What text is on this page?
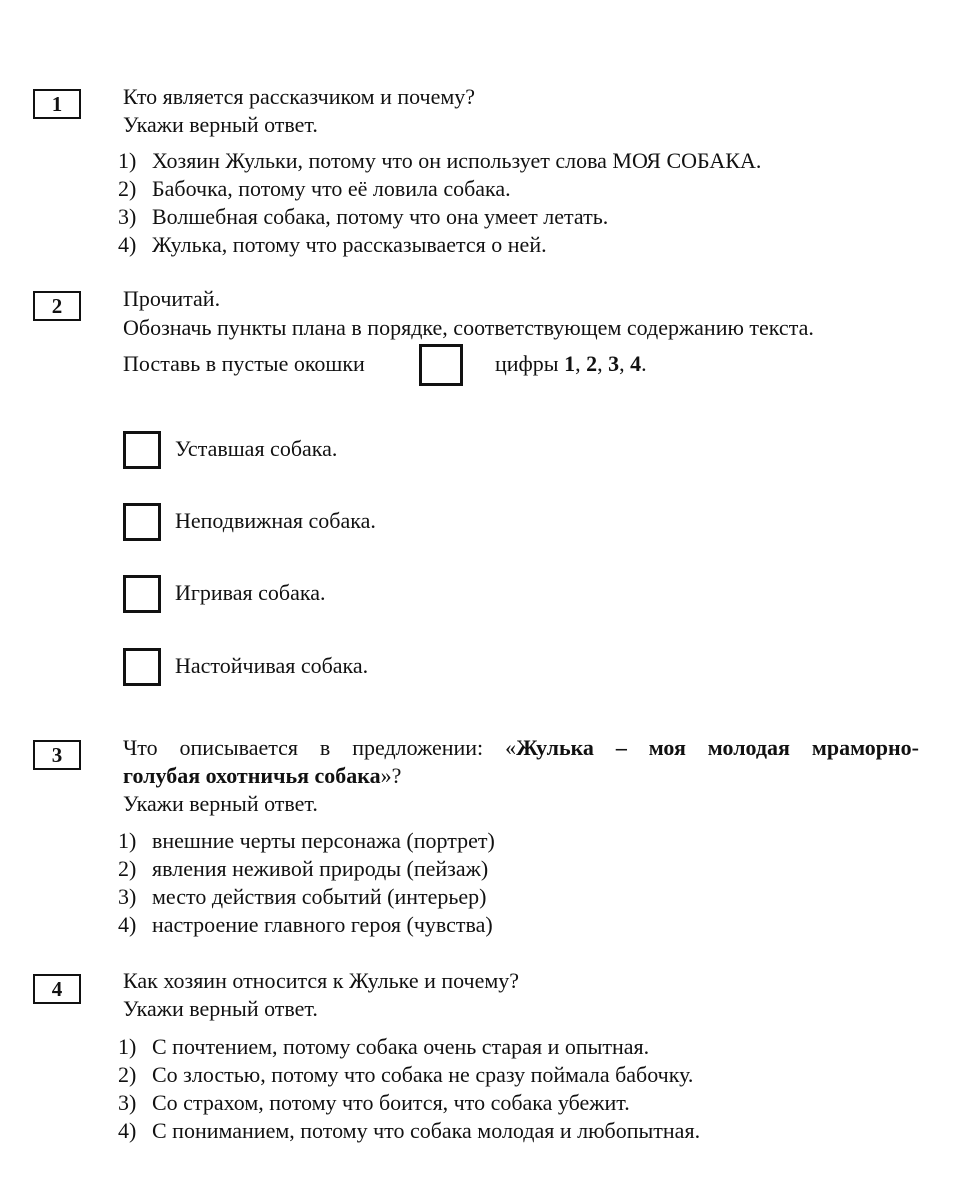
1	Кто является рассказчиком и почему?
Укажи верный ответ.
1) Хозяин Жульки, потому что он использует слова МОЯ СОБАКА.
2) Бабочка, потому что её ловила собака.
3) Волшебная собака, потому что она умеет летать.
4) Жулька, потому что рассказывается о ней.
2	Прочитай.
Обозначь пункты плана в порядке, соответствующем содержанию текста.
Поставь в пустые окошки	цифры 1, 2, 3, 4.
Уставшая собака.
Неподвижная собака.
Игривая собака.
Настойчивая собака.
3	Что описывается в предложении: «Жулька – моя молодая мраморно-
голубая охотничья собака»?
Укажи верный ответ.
1) внешние черты персонажа (портрет)
2) явления неживой природы (пейзаж)
3) место действия событий (интерьер)
4) настроение главного героя (чувства)
4	Как хозяин относится к Жульке и почему?
Укажи верный ответ.
1) С почтением, потому собака очень старая и опытная.
2) Со злостью, потому что собака не сразу поймала бабочку.
3) Со страхом, потому что боится, что собака убежит.
4) С пониманием, потому что собака молодая и любопытная.
